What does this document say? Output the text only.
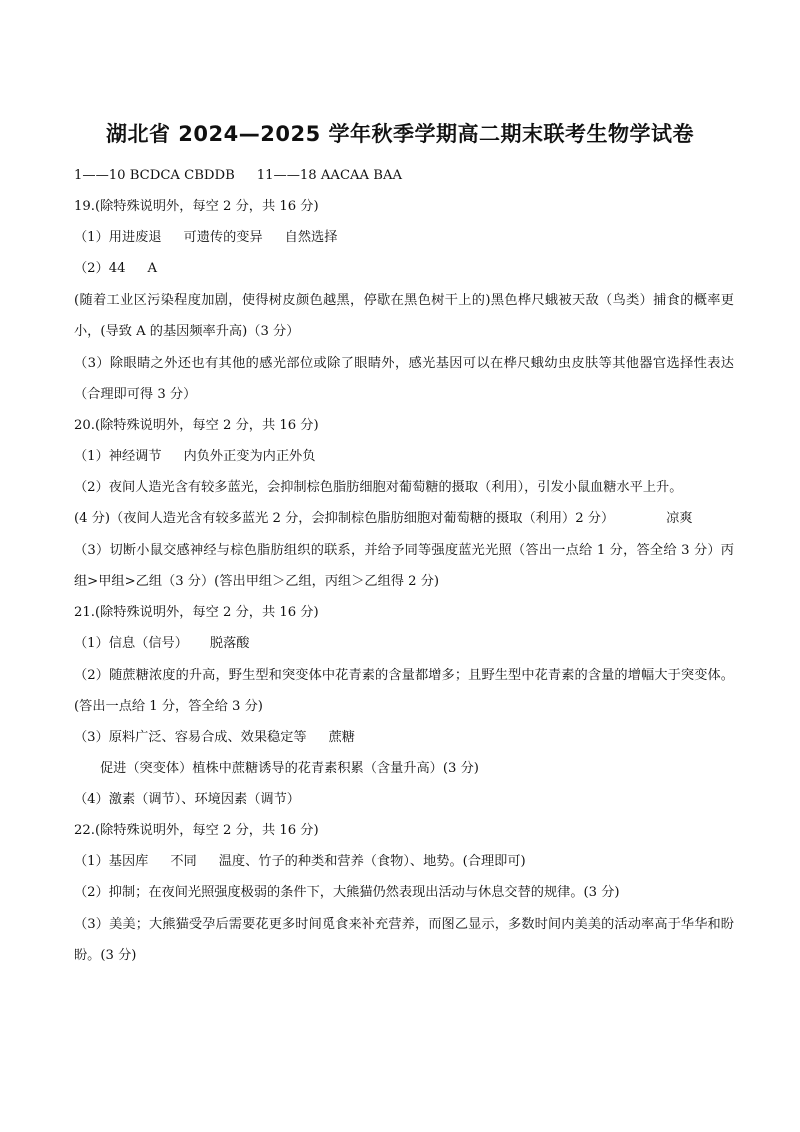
湖北省 2024—2025 学年秋季学期高二期末联考生物学试卷
1——10 BCDCA CBDDB 11——18 AACAA BAA
19.(除特殊说明外，每空 2 分，共 16 分)
（1）用进废退 可遗传的变异 自然选择
（2）44 A
(随着工业区污染程度加剧，使得树皮颜色越黑，停歇在黑色树干上的)黑色桦尺蛾被天敌（鸟类）捕食的概率更小，(导致 A 的基因频率升高)（3 分）
（3）除眼睛之外还也有其他的感光部位或除了眼睛外，感光基因可以在桦尺蛾幼虫皮肤等其他器官选择性表达（合理即可得 3 分）
20.(除特殊说明外，每空 2 分，共 16 分)
（1）神经调节 内负外正变为内正外负
（2）夜间人造光含有较多蓝光，会抑制棕色脂肪细胞对葡萄糖的摄取（利用），引发小鼠血糖水平上升。
(4 分)（夜间人造光含有较多蓝光 2 分，会抑制棕色脂肪细胞对葡萄糖的摄取（利用）2 分）	凉爽
（3）切断小鼠交感神经与棕色脂肪组织的联系，并给予同等强度蓝光光照（答出一点给 1 分，答全给 3 分）丙组>甲组>乙组（3 分）(答出甲组＞乙组，丙组＞乙组得 2 分)
21.(除特殊说明外，每空 2 分，共 16 分)
（1）信息（信号） 脱落酸
（2）随蔗糖浓度的升高，野生型和突变体中花青素的含量都增多；且野生型中花青素的含量的增幅大于突变体。(答出一点给 1 分，答全给 3 分)
（3）原料广泛、容易合成、效果稳定等 蔗糖
促进（突变体）植株中蔗糖诱导的花青素积累（含量升高）(3 分)
（4）激素（调节）、环境因素（调节）
22.(除特殊说明外，每空 2 分，共 16 分)
（1）基因库 不同 温度、竹子的种类和营养（食物）、地势。(合理即可)
（2）抑制；在夜间光照强度极弱的条件下，大熊猫仍然表现出活动与休息交替的规律。(3 分)
（3）美美；大熊猫受孕后需要花更多时间觅食来补充营养，而图乙显示，多数时间内美美的活动率高于华华和盼盼。(3 分)
